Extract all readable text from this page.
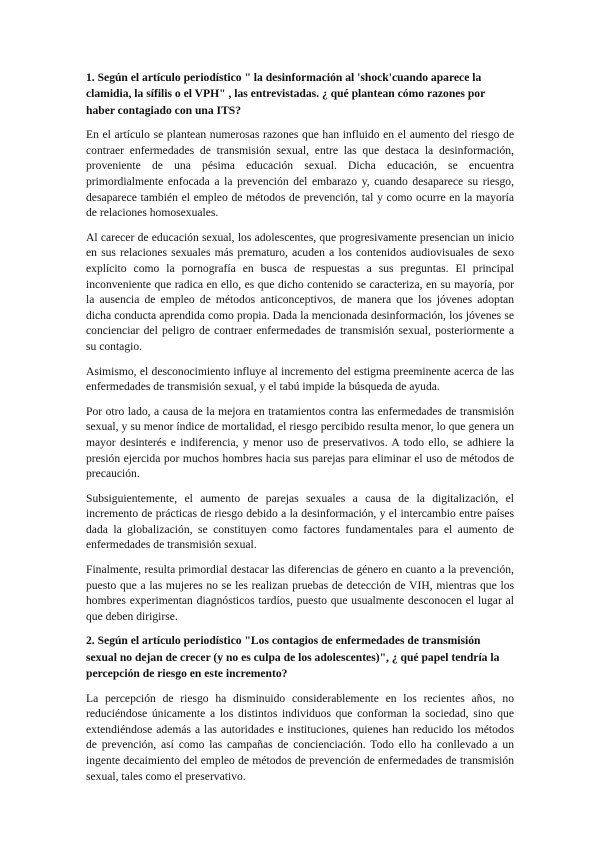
1. Según el artículo periodístico " la desinformación al 'shock'cuando aparece la clamidia, la sífilis o el VPH" , las entrevistadas. ¿ qué plantean cómo razones por haber contagiado con una ITS?
En el artículo se plantean numerosas razones que han influido en el aumento del riesgo de contraer enfermedades de transmisión sexual, entre las que destaca la desinformación, proveniente de una pésima educación sexual. Dicha educación, se encuentra primordialmente enfocada a la prevención del embarazo y, cuando desaparece su riesgo, desaparece también el empleo de métodos de prevención, tal y como ocurre en la mayoría de relaciones homosexuales.
Al carecer de educación sexual, los adolescentes, que progresivamente presencian un inicio en sus relaciones sexuales más prematuro, acuden a los contenidos audiovisuales de sexo explícito como la pornografía en busca de respuestas a sus preguntas. El principal inconveniente que radica en ello, es que dicho contenido se caracteriza, en su mayoría, por la ausencia de empleo de métodos anticonceptivos, de manera que los jóvenes adoptan dicha conducta aprendida como propia. Dada la mencionada desinformación, los jóvenes se concienciar del peligro de contraer enfermedades de transmisión sexual, posteriormente a su contagio.
Asimismo, el desconocimiento influye al incremento del estigma preeminente acerca de las enfermedades de transmisión sexual, y el tabú impide la búsqueda de ayuda.
Por otro lado, a causa de la mejora en tratamientos contra las enfermedades de transmisión sexual, y su menor índice de mortalidad, el riesgo percibido resulta menor, lo que genera un mayor desinterés e indiferencia, y menor uso de preservativos. A todo ello, se adhiere la presión ejercida por muchos hombres hacia sus parejas para eliminar el uso de métodos de precaución.
Subsiguientemente, el aumento de parejas sexuales a causa de la digitalización, el incremento de prácticas de riesgo debido a la desinformación, y el intercambio entre países dada la globalización, se constituyen como factores fundamentales para el aumento de enfermedades de transmisión sexual.
Finalmente, resulta primordial destacar las diferencias de género en cuanto a la prevención, puesto que a las mujeres no se les realizan pruebas de detección de VIH, mientras que los hombres experimentan diagnósticos tardíos, puesto que usualmente desconocen el lugar al que deben dirigirse.
2. Según el artículo periodístico "Los contagios de enfermedades de transmisión sexual no dejan de crecer (y no es culpa de los adolescentes)", ¿ qué papel tendría la percepción de riesgo en este incremento?
La percepción de riesgo ha disminuido considerablemente en los recientes años, no reduciéndose únicamente a los distintos individuos que conforman la sociedad, sino que extendiéndose además a las autoridades e instituciones, quienes han reducido los métodos de prevención, así como las campañas de concienciación. Todo ello ha conllevado a un ingente decaimiento del empleo de métodos de prevención de enfermedades de transmisión sexual, tales como el preservativo.
